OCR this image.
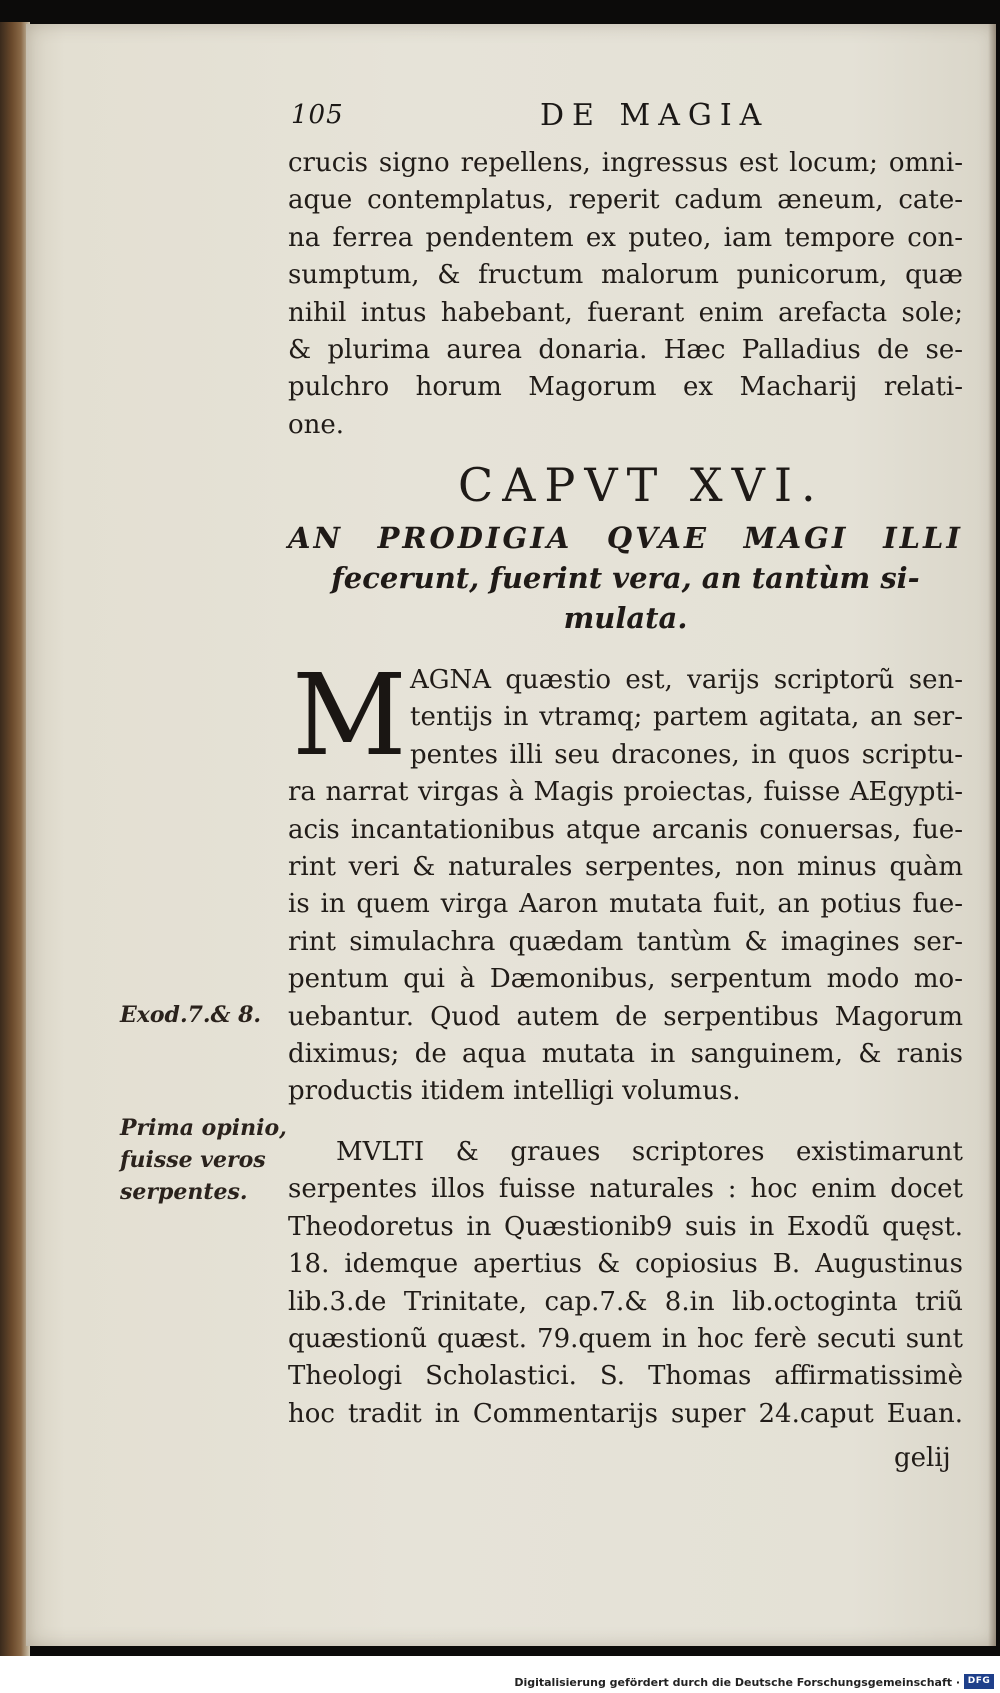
105	DE MAGIA
crucis signo repellens, ingressus est locum; omni-
aque contemplatus, reperit cadum æneum, cate-
na ferrea pendentem ex puteo, iam tempore con-
sumptum, & fructum malorum punicorum, quæ
nihil intus habebant, fuerant enim arefacta sole;
& plurima aurea donaria. Hæc Palladius de se-
pulchro horum Magorum ex Macharij relati-
one.
CAPVT XVI.
AN PRODIGIA QVAE MAGI ILLI
fecerunt, fuerint vera, an tantùm si-
mulata.
M AGNA quæstio est, varijs scriptorũ sen-
tentijs in vtramq; partem agitata, an ser-
pentes illi seu dracones, in quos scriptu-
ra narrat virgas à Magis proiectas, fuisse AEgypti-
acis incantationibus atque arcanis conuersas, fue-
rint veri & naturales serpentes, non minus quàm
is in quem virga Aaron mutata fuit, an potius fue-
rint simulachra quædam tantùm & imagines ser-
pentum qui à Dæmonibus, serpentum modo mo-
uebantur. Quod autem de serpentibus Magorum
diximus; de aqua mutata in sanguinem, & ranis
productis itidem intelligi volumus.
MVLTI & graues scriptores existimarunt
serpentes illos fuisse naturales : hoc enim docet
Theodoretus in Quæstionib9 suis in Exodũ quęst.
18. idemque apertius & copiosius B. Augustinus
lib.3.de Trinitate, cap.7.& 8.in lib.octoginta triũ
quæstionũ quæst. 79.quem in hoc ferè secuti sunt
Theologi Scholastici. S. Thomas affirmatissimè
hoc tradit in Commentarijs super 24.caput Euan.
gelij
Exod.7.& 8.
Prima opinio,
fuisse veros
serpentes.
Digitalisierung gefördert durch die Deutsche Forschungsgemeinschaft · DFG
